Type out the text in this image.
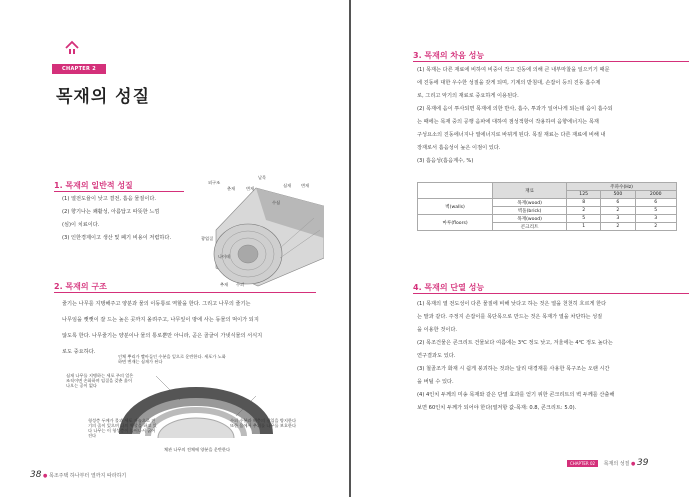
CHAPTER 2
목재의 성질
1. 목재의 일반적 성질

(1) 열전도율이 낮고 결전, 흡음 물질이다.

(2) 향기나는 쾌활성, 아름답고 따뜻한 느낌

(심)이 치료이다.

(3) 인한경제이고 생산 및 폐기 비용이 저렴하다.

날목
춘재	변재
심재 변재
외구조
수심
광업질
나이테
추재 수피
2. 목재의 구조

줄기는 나무를 지탱해주고 양분과 물의 이동통로 역할을 한다. 그리고 나무의 줄기는

나무임을 뻣뻣이 잘 드는 높은 곳까지 올려주고, 나무잎이 땅에 사는 동물의 먹이가 되지

않도록 한다. 나무줄기는 양분이나 물의 통로뿐만 아니라, 곧은 골굴이 가넷식물의 서식지

로도 중요하다.

인체 뿌리가 빨아들인 수분을 잎으로 운반한다. 세포가 노화하면 변재는 심재가 된다
심재 나무를 지탱하는 세포 주의 얼은 조직이면 손화하며 임질을 갖춘 흙이 나오는 공이 없다
형성층 두께가 물과 세포 가늘으로 진기의 줄이 있으며 나의 역할을 하고 있다 나무는 이 형성층이 늘어나서 굵어진다
수피 수분과 해충의 침입을 방지한다 또한 몸에서 추위를 나무를 보호한다
체관 나무의 전체에 양분을 운반한다
38 ● 목조주택 하나부터 열까지 따라하기
3. 목재의 차음 성능

(1) 목재는 다른 재료에 비하여 비중이 작고 진동에 의해 큰 내부마찰을 일으키기 때문

에 진동에 대한 우수한 성질을 갖게 되며, 기계의 받침대, 손잡이 등의 진동 흡수제

로, 그리고 악기의 재료로 중요하게 이용된다.

(2) 목재에 음이 투사되면 목재에 의한 반사, 흡수, 투과가 일어나게 되는데 음이 흡수되

는 때에는 목재 중의 공행 음파에 대하여 점성적항이 작용하여 음향에너지는 목재

구성요소의 진동에너지나 열에너지로 바뀌게 된다. 목질 재료는 다른 재료에 비해 내

장재로서 흡음성이 높은 이점이 있다.

(3) 흡음성(흡음계수, %)

	재료	주파수(Hz)		
		125	500	2000
벽(walls)	목재(wood)	8	6	6
	벽돌(brick)	2	2	5
마루(floors)	목재(wood)	5	3	3
	콘크리트	1	2	2
4. 목재의 단열 성능

(1) 목재의 열 전도성이 다른 물질에 비해 낮다고 하는 것은 열을 천천히 흐르게 한다

는 말과 같다. 주정지 손잡이를 목단목으로 만드는 것은 목재가 열을 차단하는 성질

을 이용한 것이다.

(2) 목조건물은 콘크리트 건물보다 여름에는 3℃ 정도 낮고, 겨울에는 4℃ 정도 높다는

연구결과도 있다.

(3) 철골조가 화재 시 쉽게 붕괴하는 것과는 달리 대경재를 사용한 목구조는 오랜 시간

을 버틸 수 있다.

(4) 4인치 두께의 미송 목재와 같은 단열 효과를 얻기 위한 콘크리트의 벽 두께를 산출해

보면 60인치 두께가 되어야 한다(열저항 값-목재: 0.8, 콘크리트: 5.0).

CHAPTER 02 목재의 성질 ● 39
